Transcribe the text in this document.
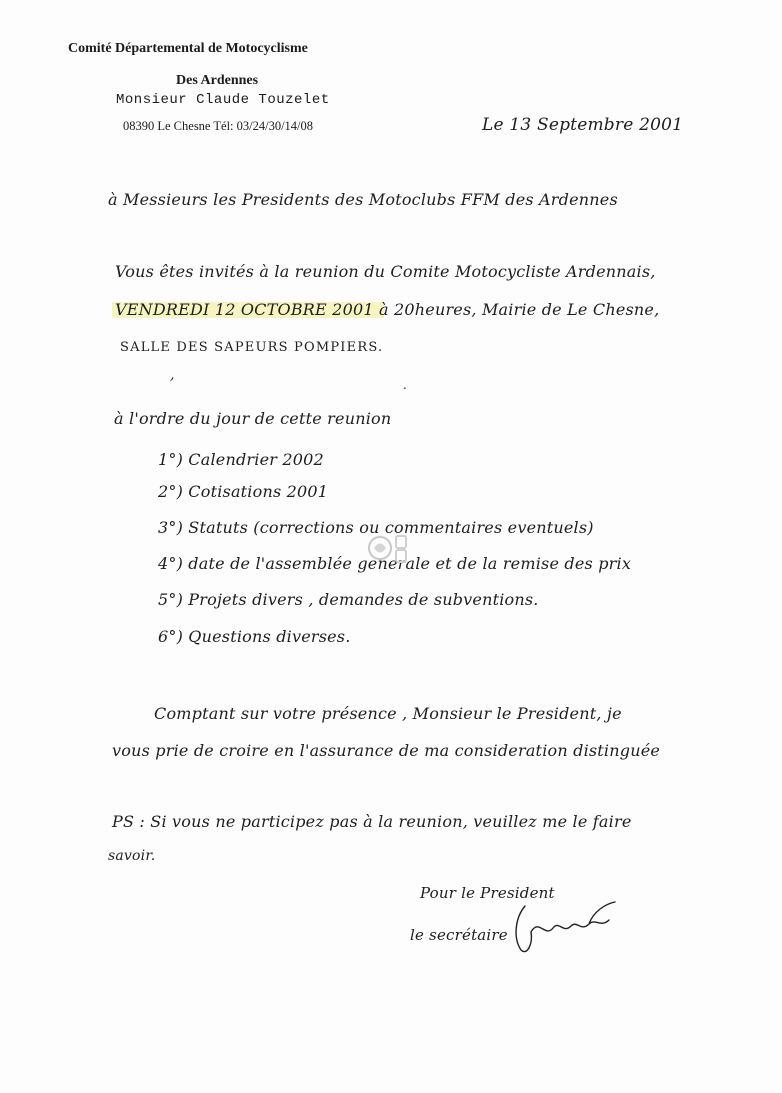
Comité Départemental de Motocyclisme
Des Ardennes
Monsieur Claude Touzelet
08390 Le Chesne Tél: 03/24/30/14/08	Le 13 Septembre 2001
à Messieurs les Presidents des Motoclubs FFM des Ardennes
Vous êtes invités à la reunion du Comite Motocycliste Ardennais,
VENDREDI 12 OCTOBRE 2001 à 20heures, Mairie de Le Chesne,
SALLE DES SAPEURS POMPIERS.
,
.
à l'ordre du jour de cette reunion
1°) Calendrier 2002
2°) Cotisations 2001
3°) Statuts (corrections ou commentaires eventuels)
4°) date de l'assemblée generale et de la remise des prix
5°) Projets divers , demandes de subventions.
6°) Questions diverses.
Comptant sur votre présence , Monsieur le President, je
vous prie de croire en l'assurance de ma consideration distinguée
PS : Si vous ne participez pas à la reunion, veuillez me le faire
savoir.
Pour le President
le secrétaire
